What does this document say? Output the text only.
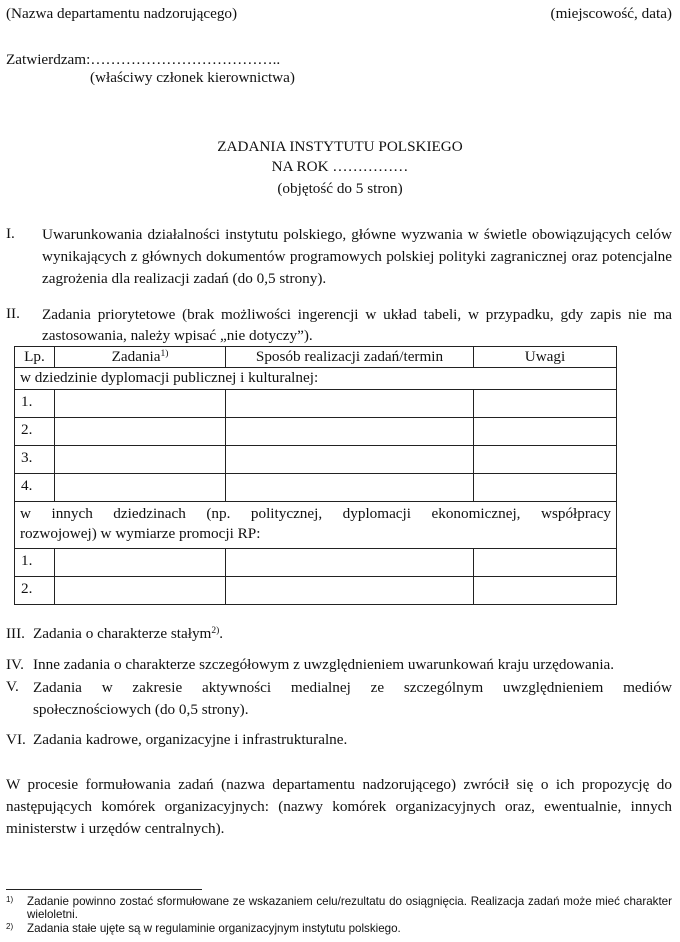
(Nazwa departamentu nadzorującego)	(miejscowość, data)
Zatwierdzam:………………………………..
(właściwy członek kierownictwa)
ZADANIA INSTYTUTU POLSKIEGO
NA ROK ……………
(objętość do 5 stron)
I. Uwarunkowania działalności instytutu polskiego, główne wyzwania w świetle obowiązujących celów wynikających z głównych dokumentów programowych polskiej polityki zagranicznej oraz potencjalne zagrożenia dla realizacji zadań (do 0,5 strony).
II. Zadania priorytetowe (brak możliwości ingerencji w układ tabeli, w przypadku, gdy zapis nie ma zastosowania, należy wpisać „nie dotyczy”).
Lp.	Zadania$^{1)}$	Sposób realizacji zadań/termin	Uwagi
w dziedzinie dyplomacji publicznej i kulturalnej:			
1.			
2.			
3.			
4.			

w innych dziedzinach (np. politycznej, dyplomacji ekonomicznej, współpracy
rozwojowej) w wymiarze promocji RP:			

1.			
2.			
III. Zadania o charakterze stałym$^{2)}$.
IV. Inne zadania o charakterze szczegółowym z uwzględnieniem uwarunkowań kraju urzędowania.
V. Zadania w zakresie aktywności medialnej ze szczególnym uwzględnieniem mediów
społecznościowych (do 0,5 strony).
VI. Zadania kadrowe, organizacyjne i infrastrukturalne.
W procesie formułowania zadań (nazwa departamentu nadzorującego) zwrócił się o ich propozycję do następujących komórek organizacyjnych: (nazwy komórek organizacyjnych oraz, ewentualnie, innych ministerstw i urzędów centralnych).
1) Zadanie powinno zostać sformułowane ze wskazaniem celu/rezultatu do osiągnięcia. Realizacja zadań może mieć charakter wieloletni.
2) Zadania stałe ujęte są w regulaminie organizacyjnym instytutu polskiego.
